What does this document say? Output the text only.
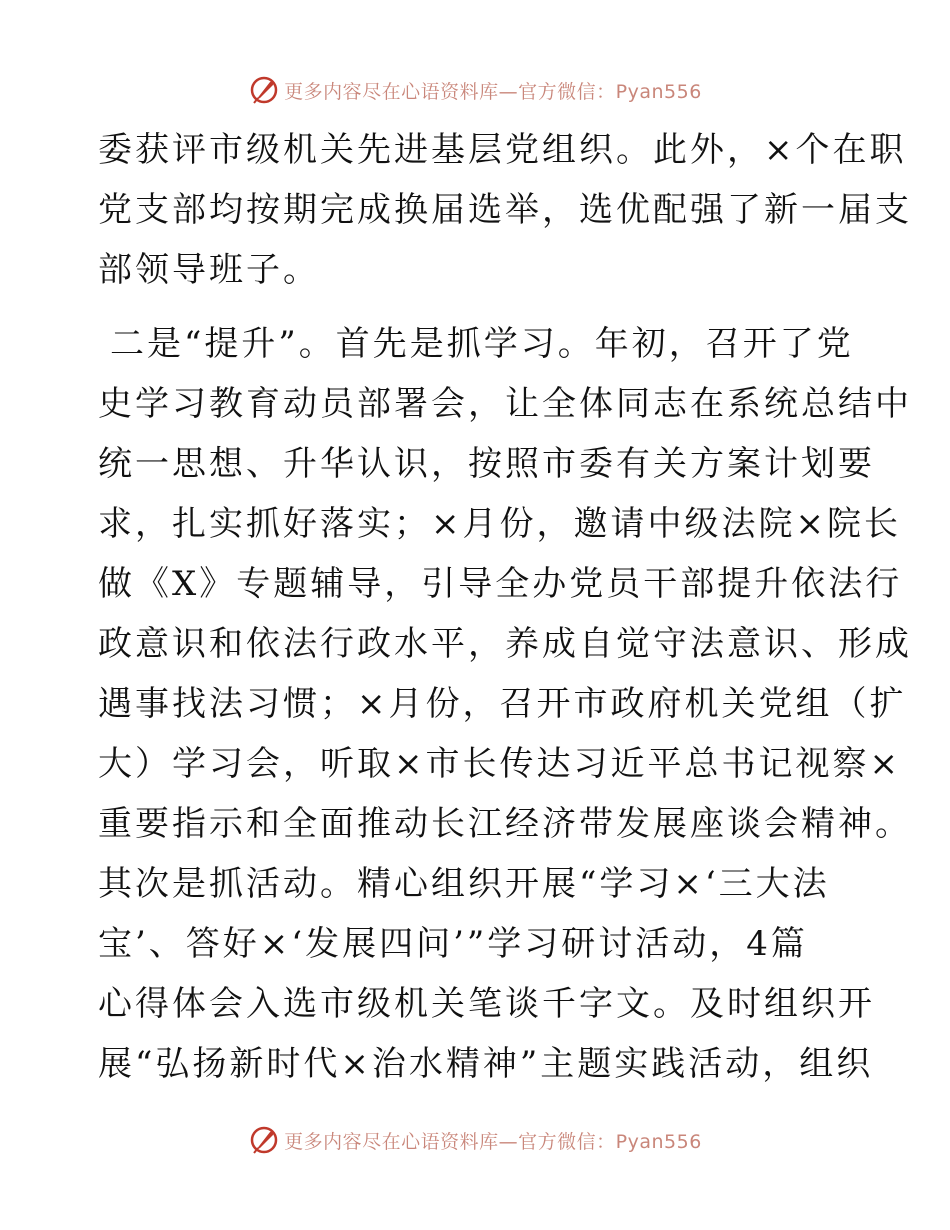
更多内容尽在心语资料库—官方微信：Pyan556
委获评市级机关先进基层党组织。此外，×个在职
党支部均按期完成换届选举，选优配强了新一届支
部领导班子。
二是“提升”。首先是抓学习。年初，召开了党
史学习教育动员部署会，让全体同志在系统总结中
统一思想、升华认识，按照市委有关方案计划要
求，扎实抓好落实；×月份，邀请中级法院×院长
做《X》专题辅导，引导全办党员干部提升依法行
政意识和依法行政水平，养成自觉守法意识、形成
遇事找法习惯；×月份，召开市政府机关党组（扩
大）学习会，听取×市长传达习近平总书记视察×
重要指示和全面推动长江经济带发展座谈会精神。
其次是抓活动。精心组织开展“学习×‘三大法
宝’、答好×‘发展四问’”学习研讨活动，4篇
心得体会入选市级机关笔谈千字文。及时组织开
展“弘扬新时代×治水精神”主题实践活动，组织
更多内容尽在心语资料库—官方微信：Pyan556
